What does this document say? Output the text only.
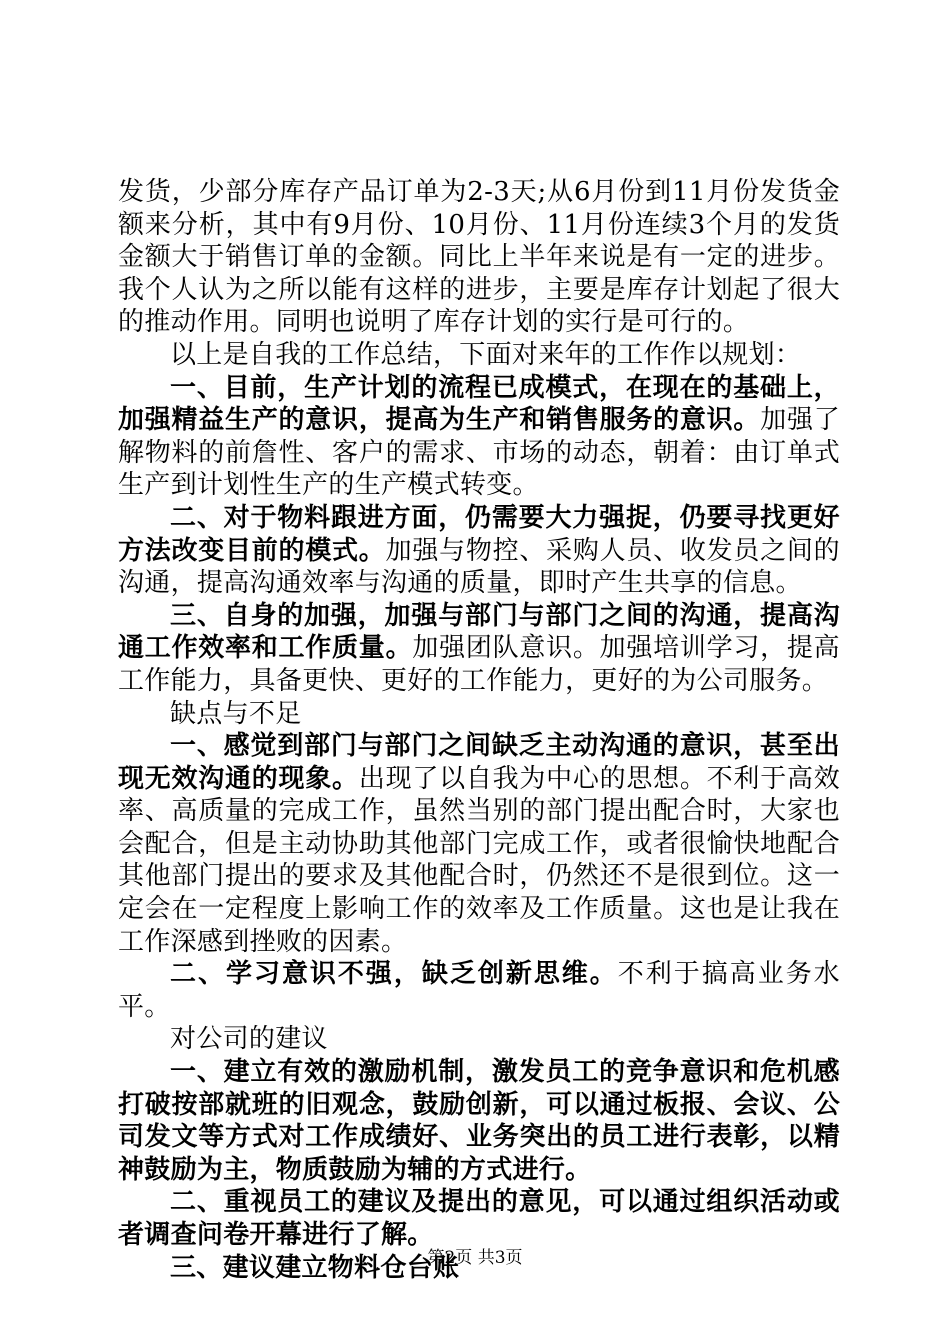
发货，少部分库存产品订单为2-3天;从6月份到11月份发货金额来分析，其中有9月份、10月份、11月份连续3个月的发货金额大于销售订单的金额。同比上半年来说是有一定的进步。我个人认为之所以能有这样的进步，主要是库存计划起了很大的推动作用。同明也说明了库存计划的实行是可行的。

以上是自我的工作总结，下面对来年的工作作以规划：

一、目前，生产计划的流程已成模式，在现在的基础上，加强精益生产的意识，提高为生产和销售服务的意识。加强了解物料的前詹性、客户的需求、市场的动态，朝着：由订单式生产到计划性生产的生产模式转变。

二、对于物料跟进方面，仍需要大力强捉，仍要寻找更好方法改变目前的模式。加强与物控、采购人员、收发员之间的沟通，提高沟通效率与沟通的质量，即时产生共享的信息。

三、自身的加强，加强与部门与部门之间的沟通，提高沟通工作效率和工作质量。加强团队意识。加强培训学习，提高工作能力，具备更快、更好的工作能力，更好的为公司服务。

缺点与不足

一、感觉到部门与部门之间缺乏主动沟通的意识，甚至出现无效沟通的现象。出现了以自我为中心的思想。不利于高效率、高质量的完成工作，虽然当别的部门提出配合时，大家也会配合，但是主动协助其他部门完成工作，或者很愉快地配合其他部门提出的要求及其他配合时，仍然还不是很到位。这一定会在一定程度上影响工作的效率及工作质量。这也是让我在工作深感到挫败的因素。

二、学习意识不强，缺乏创新思维。不利于搞高业务水平。

对公司的建议

一、建立有效的激励机制，激发员工的竞争意识和危机感打破按部就班的旧观念，鼓励创新，可以通过板报、会议、公司发文等方式对工作成绩好、业务突出的员工进行表彰，以精神鼓励为主，物质鼓励为辅的方式进行。

二、重视员工的建议及提出的意见，可以通过组织活动或者调查问卷开幕进行了解。

三、建议建立物料仓台账

第2页 共3页
